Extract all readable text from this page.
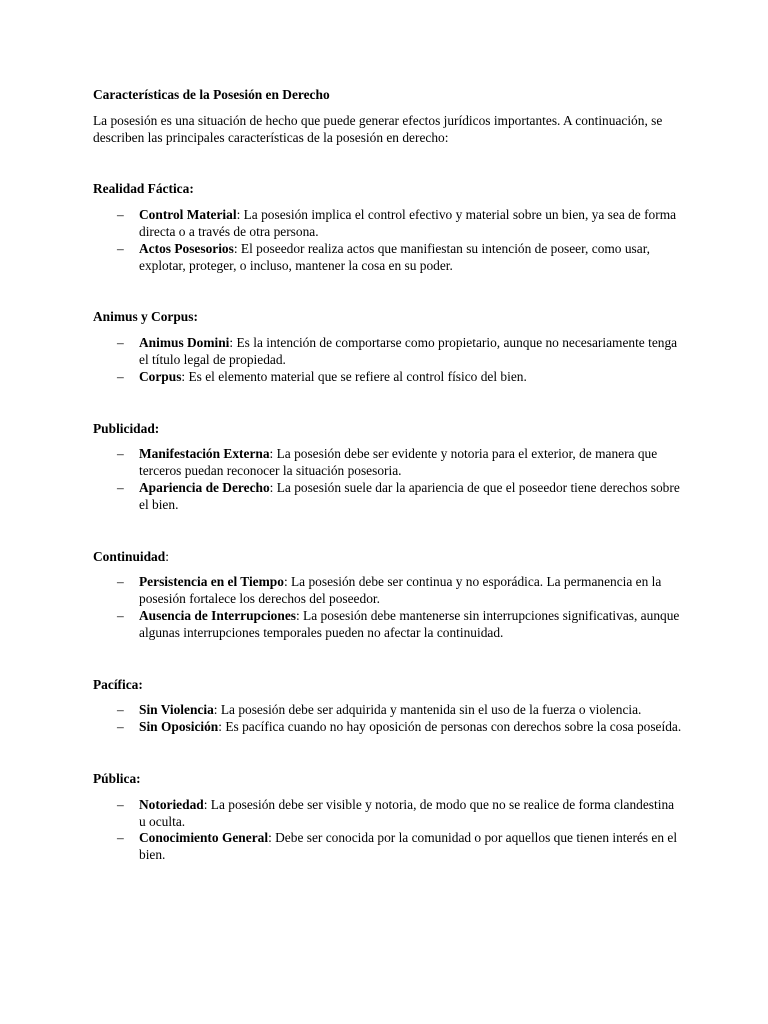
Características de la Posesión en Derecho

La posesión es una situación de hecho que puede generar efectos jurídicos importantes. A continuación, se describen las principales características de la posesión en derecho:

Realidad Fáctica:

– Control Material: La posesión implica el control efectivo y material sobre un bien, ya sea de forma directa o a través de otra persona.
– Actos Posesorios: El poseedor realiza actos que manifiestan su intención de poseer, como usar, explotar, proteger, o incluso, mantener la cosa en su poder.

Animus y Corpus:

– Animus Domini: Es la intención de comportarse como propietario, aunque no necesariamente tenga el título legal de propiedad.
– Corpus: Es el elemento material que se refiere al control físico del bien.

Publicidad:

– Manifestación Externa: La posesión debe ser evidente y notoria para el exterior, de manera que terceros puedan reconocer la situación posesoria.
– Apariencia de Derecho: La posesión suele dar la apariencia de que el poseedor tiene derechos sobre el bien.

Continuidad:

– Persistencia en el Tiempo: La posesión debe ser continua y no esporádica. La permanencia en la posesión fortalece los derechos del poseedor.
– Ausencia de Interrupciones: La posesión debe mantenerse sin interrupciones significativas, aunque algunas interrupciones temporales pueden no afectar la continuidad.

Pacífica:

– Sin Violencia: La posesión debe ser adquirida y mantenida sin el uso de la fuerza o violencia.
– Sin Oposición: Es pacífica cuando no hay oposición de personas con derechos sobre la cosa poseída.

Pública:

– Notoriedad: La posesión debe ser visible y notoria, de modo que no se realice de forma clandestina u oculta.
– Conocimiento General: Debe ser conocida por la comunidad o por aquellos que tienen interés en el bien.
